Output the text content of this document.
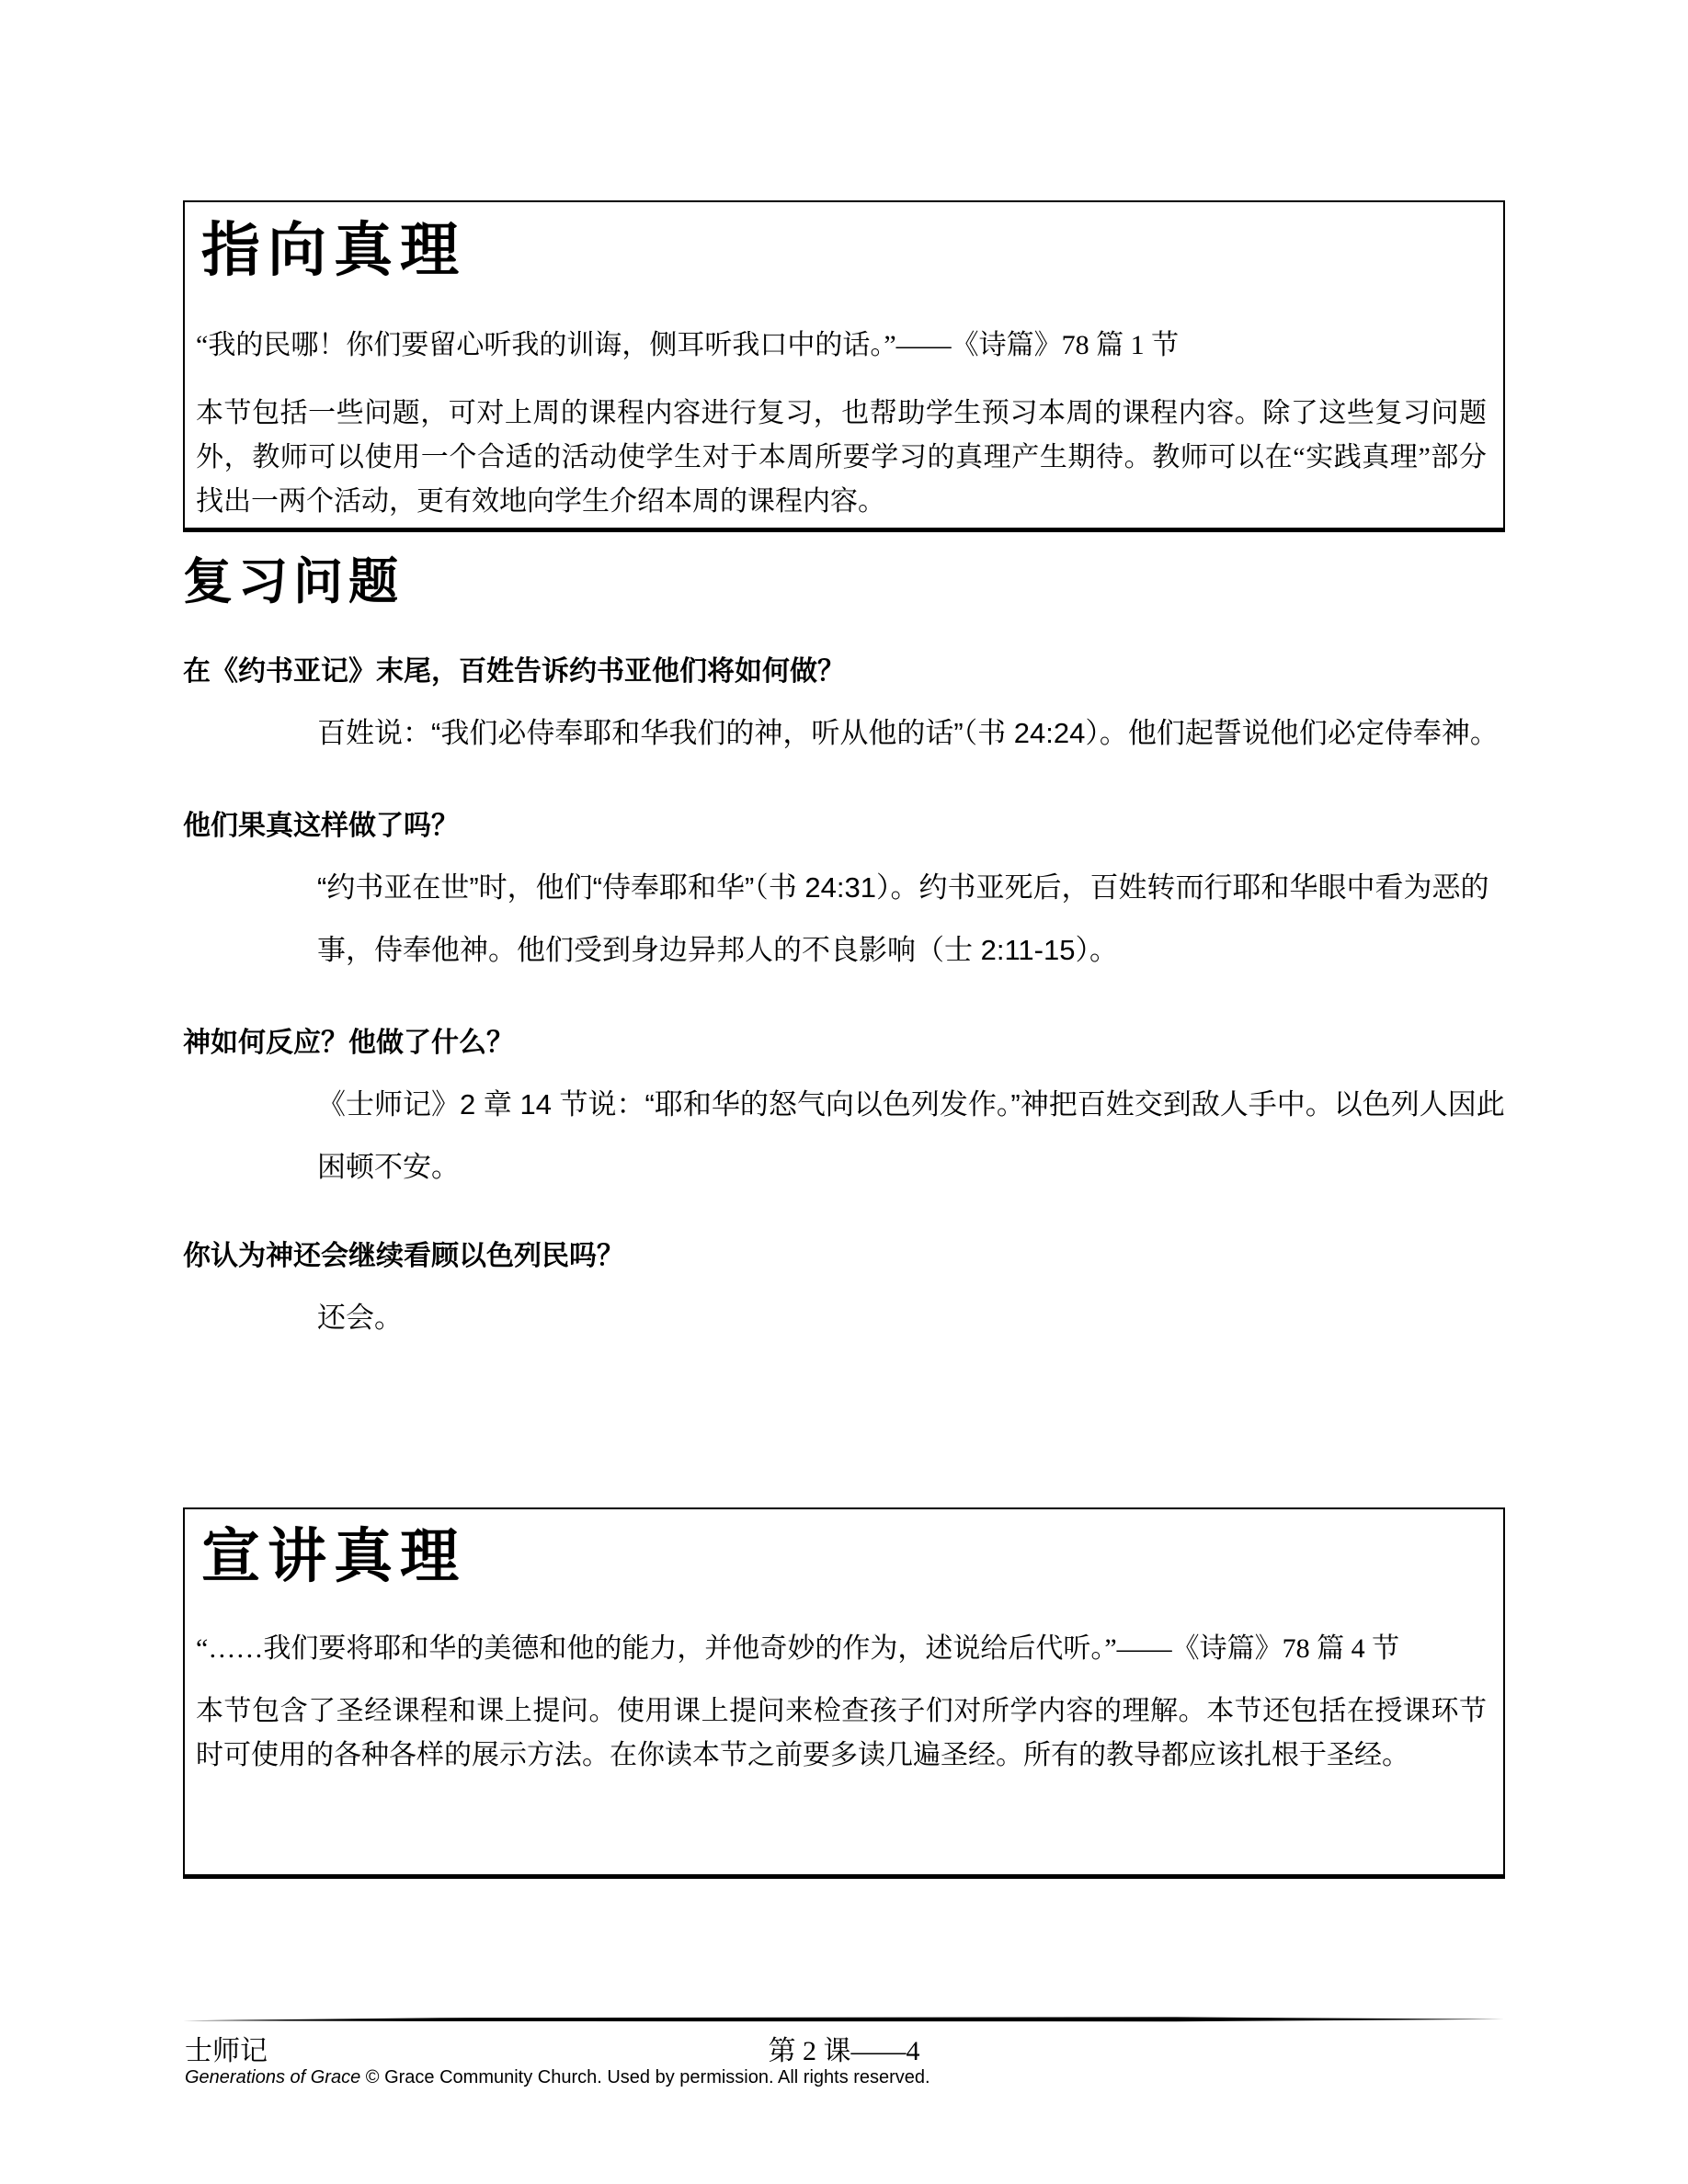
指向真理

“我的民哪！你们要留心听我的训诲，侧耳听我口中的话。”——《诗篇》78 篇 1 节

本节包括一些问题，可对上周的课程内容进行复习，也帮助学生预习本周的课程内容。除了这些复习问题外，教师可以使用一个合适的活动使学生对于本周所要学习的真理产生期待。教师可以在“实践真理”部分找出一两个活动，更有效地向学生介绍本周的课程内容。

复习问题

在《约书亚记》末尾，百姓告诉约书亚他们将如何做？

百姓说：“我们必侍奉耶和华我们的神，听从他的话”（书 24:24）。他们起誓说他们必定侍奉神。

他们果真这样做了吗？

“约书亚在世”时，他们“侍奉耶和华”（书 24:31）。约书亚死后，百姓转而行耶和华眼中看为恶的事，侍奉他神。他们受到身边异邦人的不良影响（士 2:11-15）。

神如何反应？他做了什么？

《士师记》2 章 14 节说：“耶和华的怒气向以色列发作。”神把百姓交到敌人手中。以色列人因此困顿不安。

你认为神还会继续看顾以色列民吗？

还会。

宣讲真理

“……我们要将耶和华的美德和他的能力，并他奇妙的作为，述说给后代听。”——《诗篇》78 篇 4 节

本节包含了圣经课程和课上提问。使用课上提问来检查孩子们对所学内容的理解。本节还包括在授课环节时可使用的各种各样的展示方法。在你读本节之前要多读几遍圣经。所有的教导都应该扎根于圣经。

士师记	第 2 课——4
Generations of Grace © Grace Community Church. Used by permission. All rights reserved.
